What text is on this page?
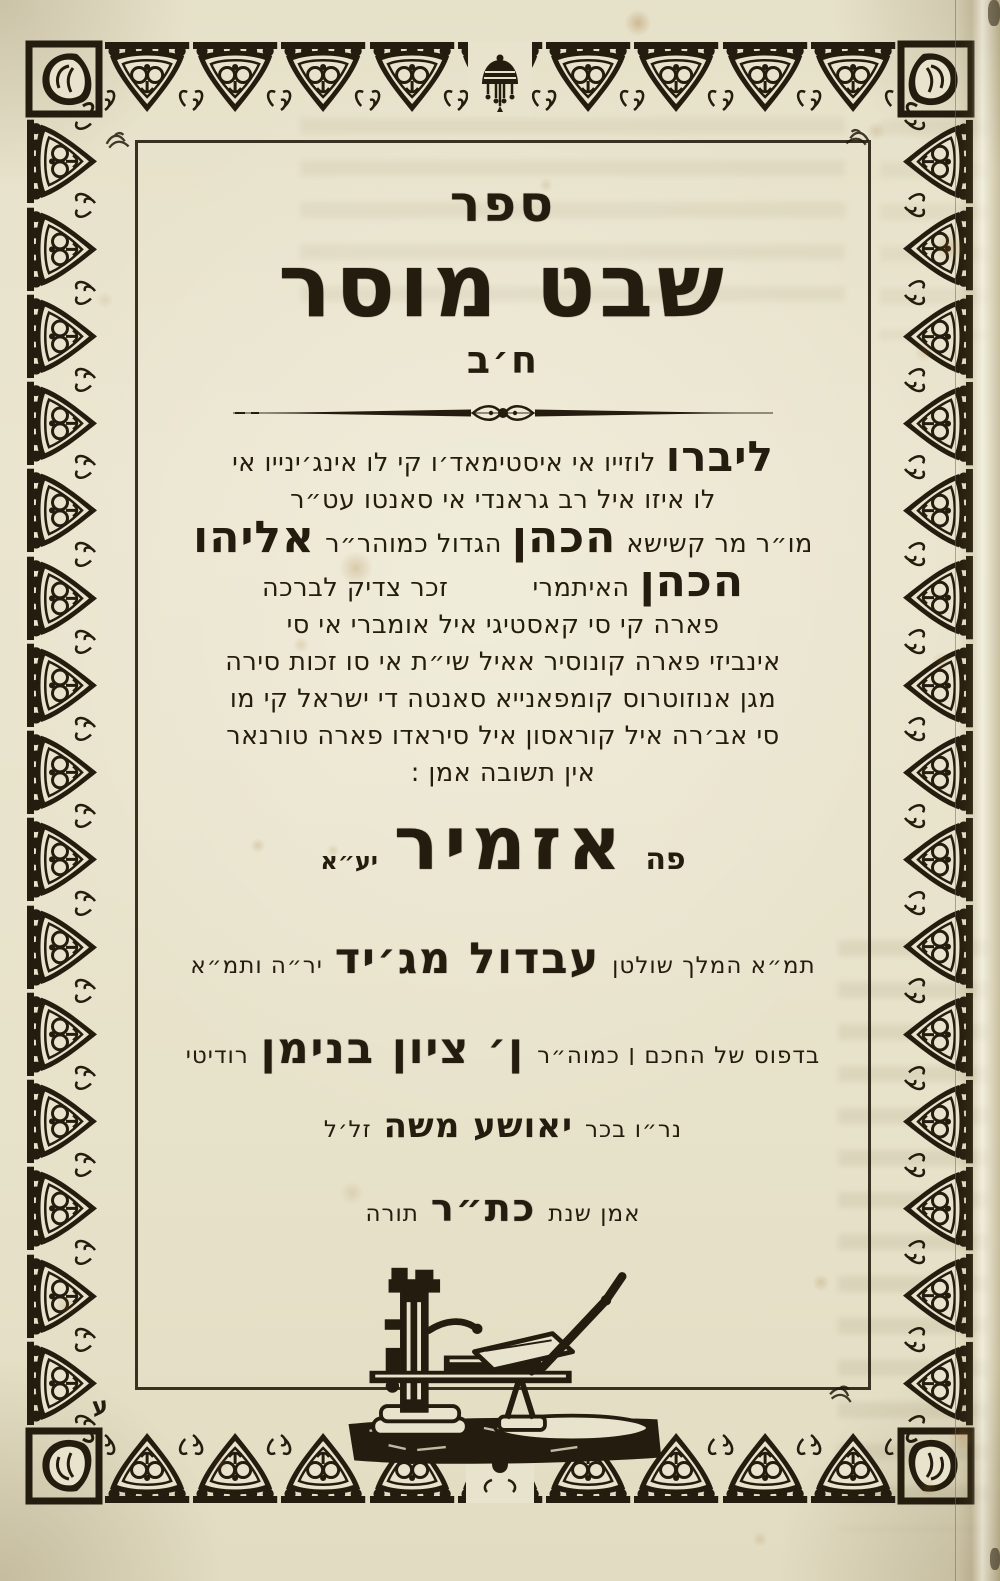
ע
ספר
שבט מוסר
ח׳ב
ליברולוזייו אי איסטימאד׳ו קי לו אינג׳ינייו אי
לו איזו איל רב גראנדי אי סאנטו עט״ר
מו״ר מר קשישאהכהןהגדול כמוהר״ראליהו
הכהןהאיתמריזכר צדיק לברכה
פארה קי סי קאסטיגי איל אומברי אי סי
אינביזי פארה קונוסיר אאיל שי״ת אי סו זכות סירה
מגן אנוזוטרוס קומפאנייא סאנטה די ישראל קי מו
סי אב׳רה איל קוראסון איל סיראדו פארה טורנאר
אין תשובה אמן :
פהאזמיריע״א
תמ״א המלך שולטןעבדול מג׳ידיר״ה ותמ״א
בדפוס של החכם ׀ כמוה״רן׳ ציון בנימןרודיטי
נר״ו בכריאושע משהזל׳ל
אמן שנתכת״רתורה
